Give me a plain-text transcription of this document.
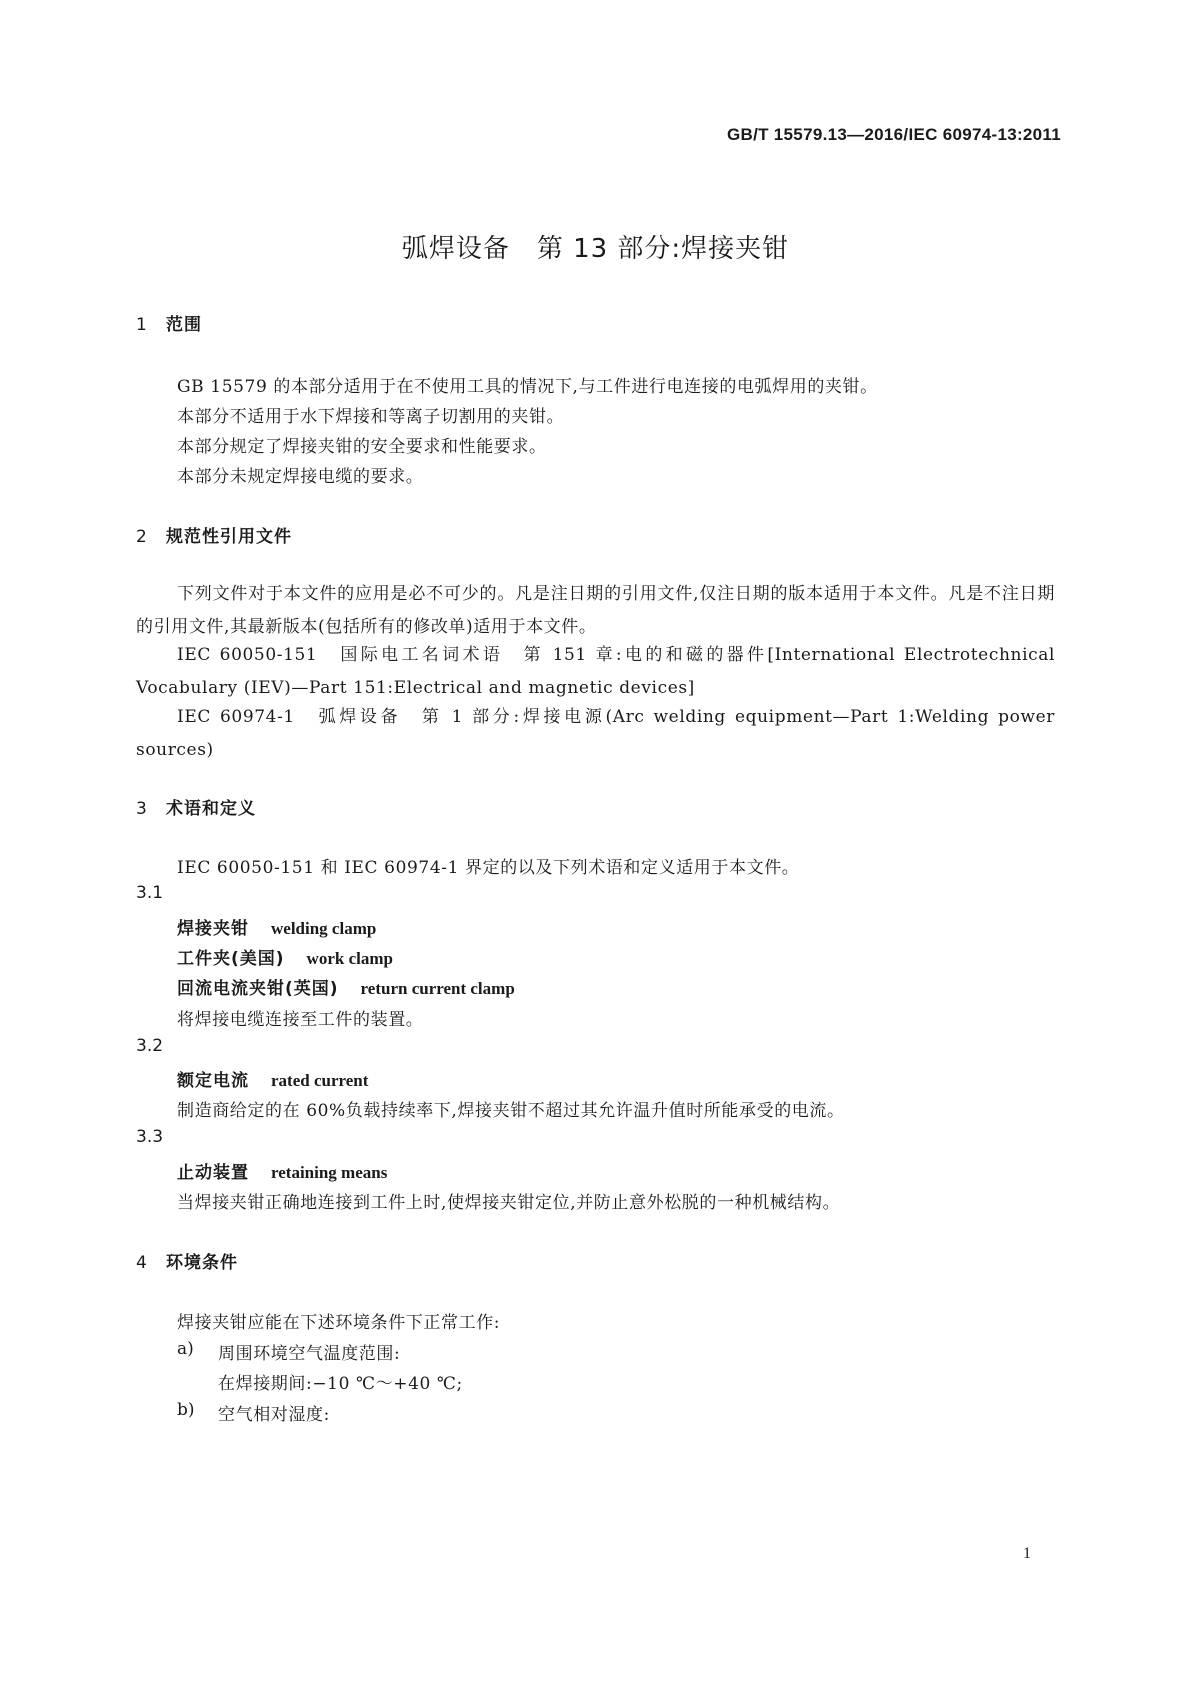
GB/T 15579.13—2016/IEC 60974-13:2011
弧焊设备　第 13 部分:焊接夹钳
1 范围
GB 15579 的本部分适用于在不使用工具的情况下,与工件进行电连接的电弧焊用的夹钳。
本部分不适用于水下焊接和等离子切割用的夹钳。
本部分规定了焊接夹钳的安全要求和性能要求。
本部分未规定焊接电缆的要求。
2 规范性引用文件
下列文件对于本文件的应用是必不可少的。凡是注日期的引用文件,仅注日期的版本适用于本文件。凡是不注日期的引用文件,其最新版本(包括所有的修改单)适用于本文件。
IEC 60050-151　国际电工名词术语　第 151 章:电的和磁的器件[International Electrotechnical Vocabulary (IEV)—Part 151:Electrical and magnetic devices]
IEC 60974-1　弧焊设备　第 1 部分:焊接电源(Arc welding equipment—Part 1:Welding power sources)
3 术语和定义
IEC 60050-151 和 IEC 60974-1 界定的以及下列术语和定义适用于本文件。
3.1
焊接夹钳 welding clamp
工件夹(美国) work clamp
回流电流夹钳(英国) return current clamp
将焊接电缆连接至工件的装置。
3.2
额定电流 rated current
制造商给定的在 60%负载持续率下,焊接夹钳不超过其允许温升值时所能承受的电流。
3.3
止动装置 retaining means
当焊接夹钳正确地连接到工件上时,使焊接夹钳定位,并防止意外松脱的一种机械结构。
4 环境条件
焊接夹钳应能在下述环境条件下正常工作:
a) 周围环境空气温度范围:
在焊接期间:−10 ℃～+40 ℃;
b) 空气相对湿度:
1
